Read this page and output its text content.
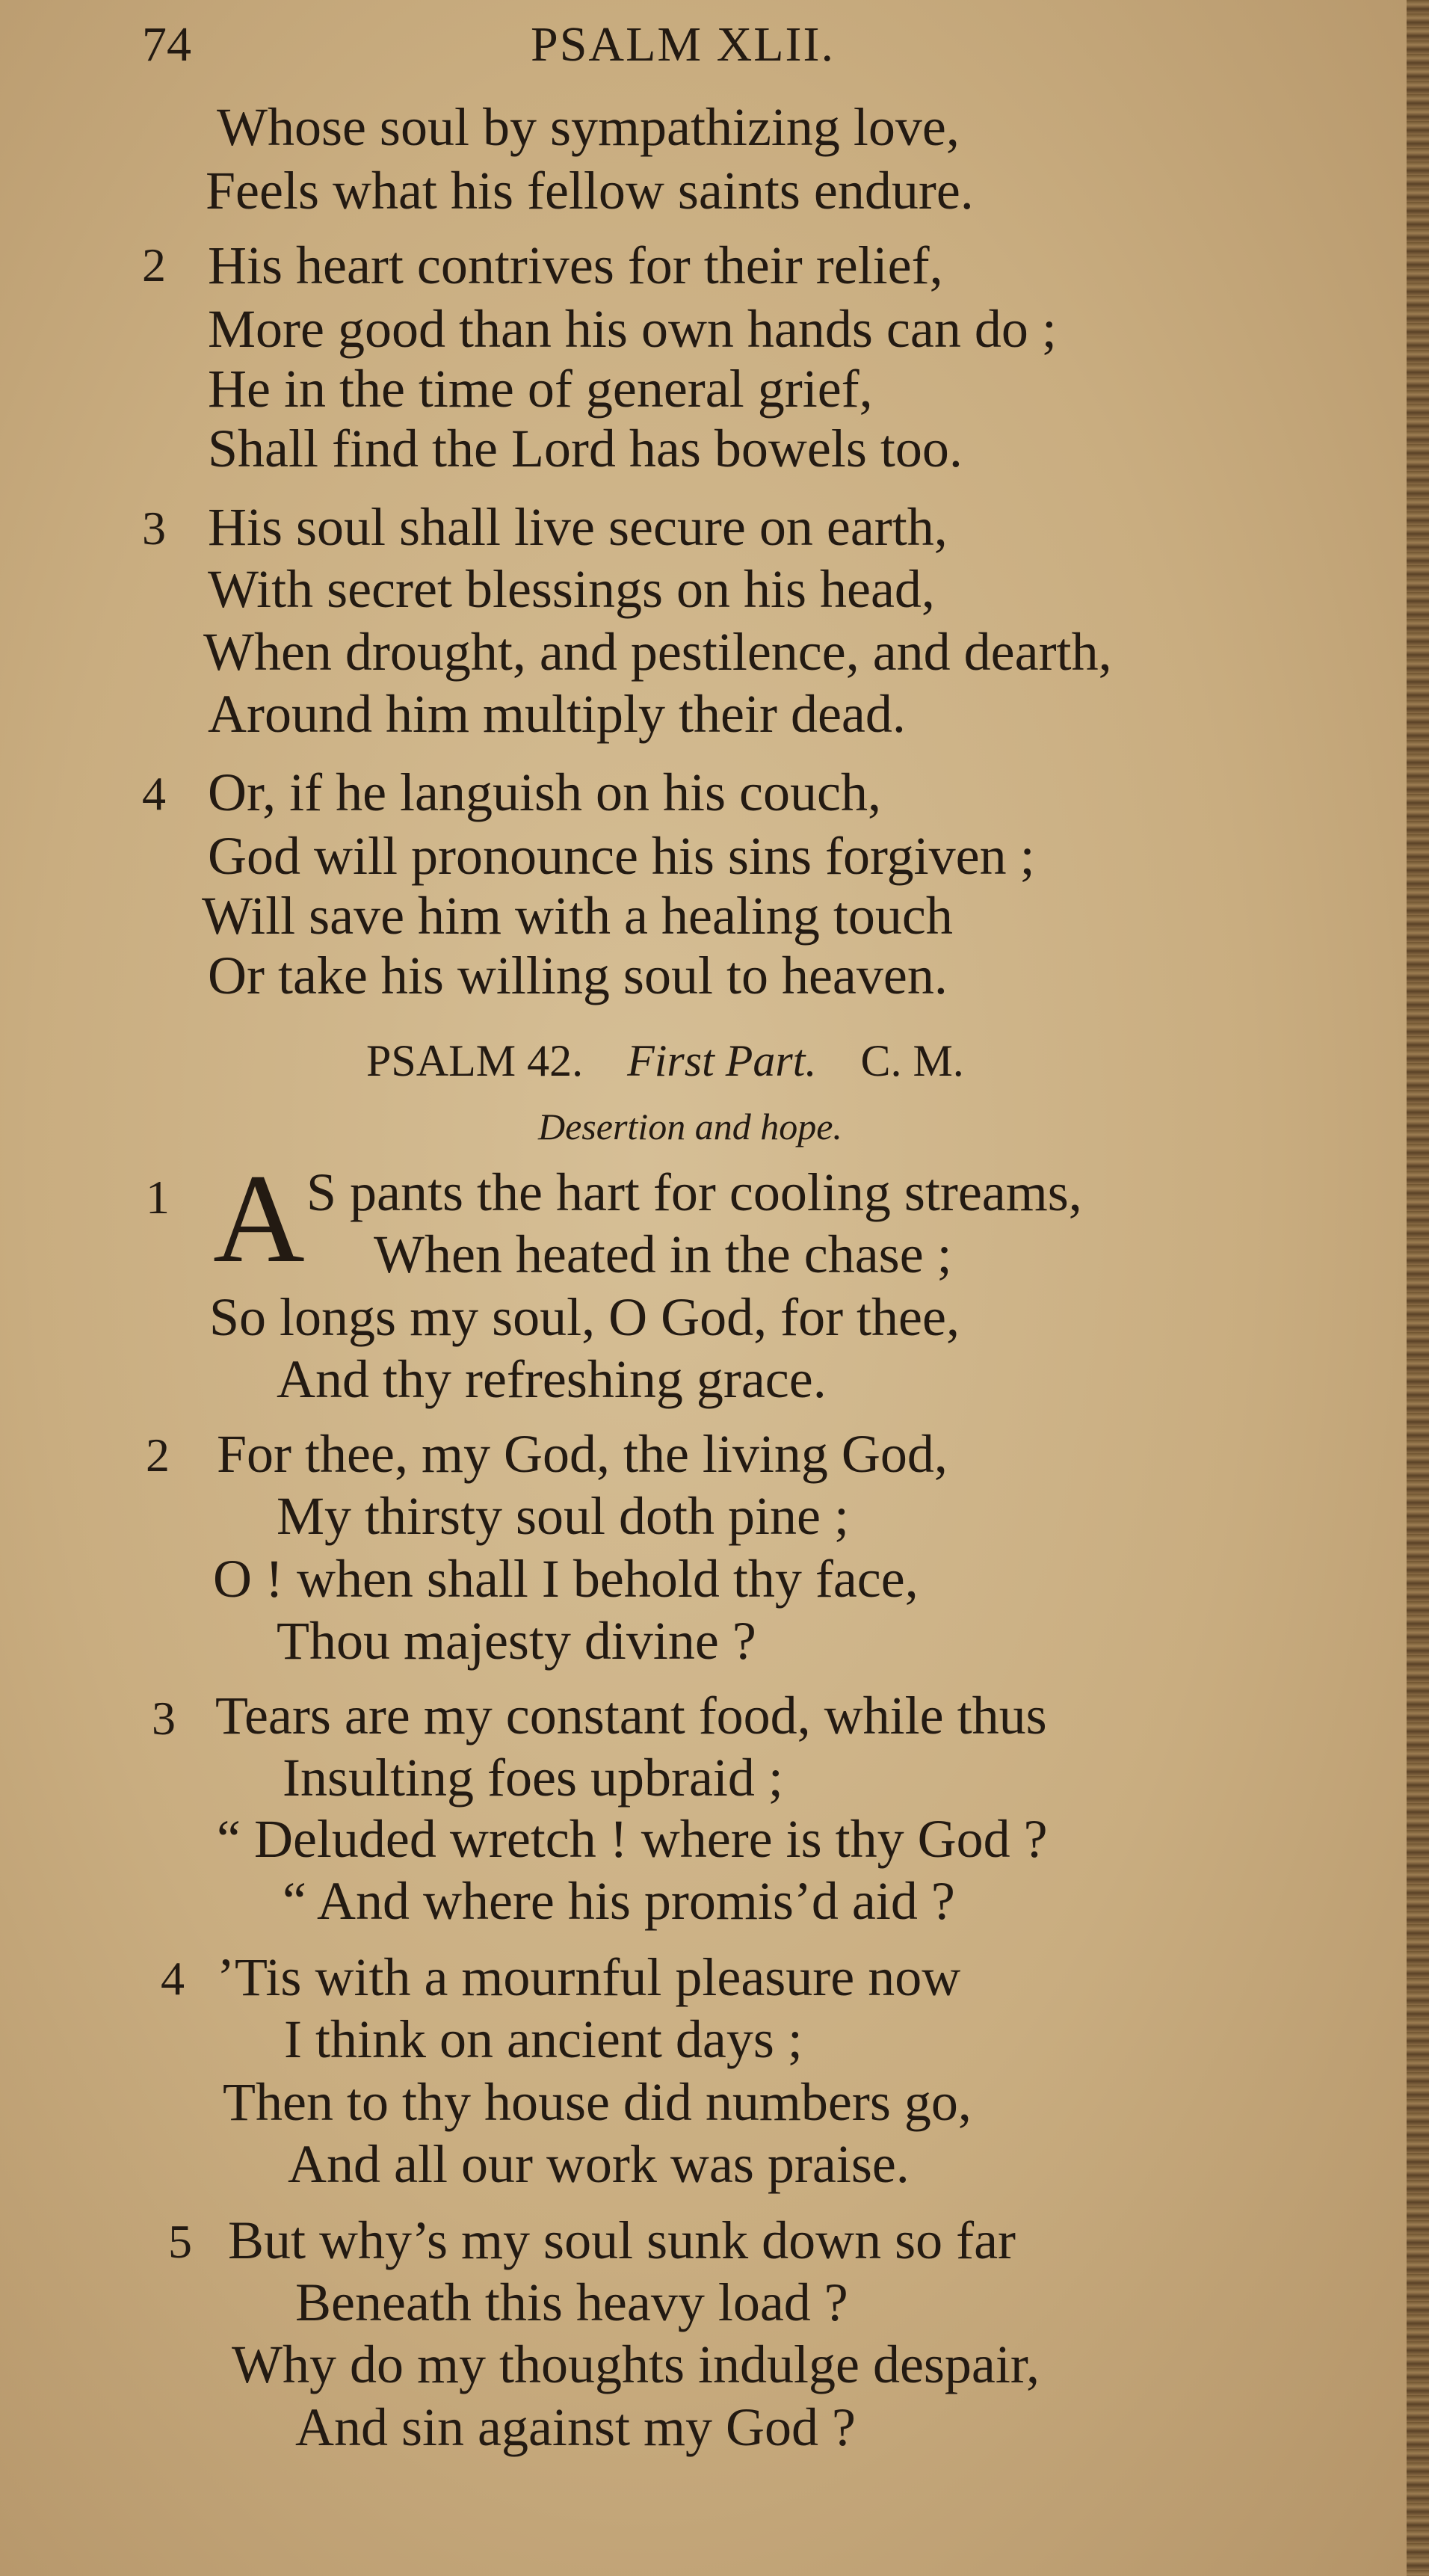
74	PSALM XLII.
Whose soul by sympathizing love,
Feels what his fellow saints endure.
2 His heart contrives for their relief,
More good than his own hands can do ;
He in the time of general grief,
Shall find the Lord has bowels too.
3 His soul shall live secure on earth,
With secret blessings on his head,
When drought, and pestilence, and dearth,
Around him multiply their dead.
4 Or, if he languish on his couch,
God will pronounce his sins forgiven ;
Will save him with a healing touch
Or take his willing soul to heaven.
PSALM 42. First Part. C. M.
Desertion and hope.
1 A S pants the hart for cooling streams,
When heated in the chase ;
So longs my soul, O God, for thee,
And thy refreshing grace.
2 For thee, my God, the living God,
My thirsty soul doth pine ;
O ! when shall I behold thy face,
Thou majesty divine ?
3 Tears are my constant food, while thus
Insulting foes upbraid ;
“ Deluded wretch ! where is thy God ?
“ And where his promis’d aid ?
4 ’Tis with a mournful pleasure now
I think on ancient days ;
Then to thy house did numbers go,
And all our work was praise.
5 But why’s my soul sunk down so far
Beneath this heavy load ?
Why do my thoughts indulge despair,
And sin against my God ?
